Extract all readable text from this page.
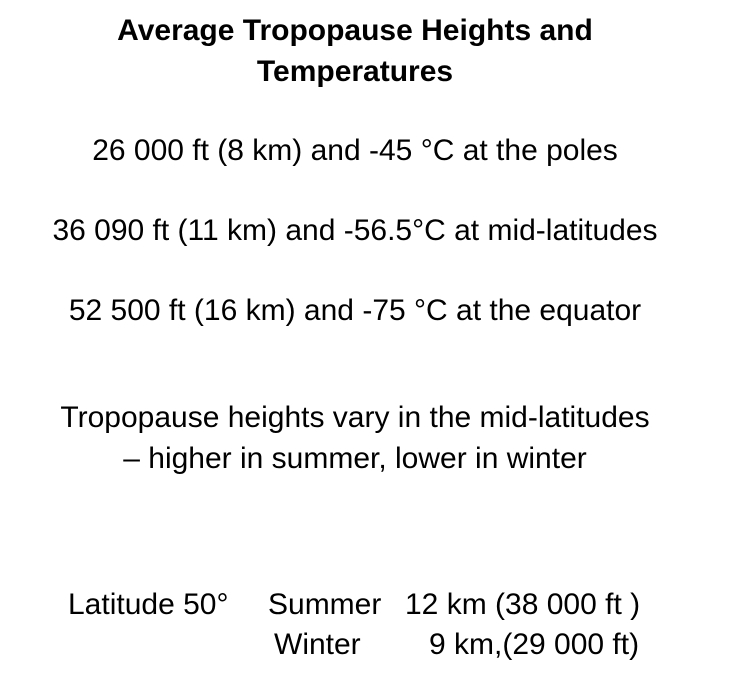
Average Tropopause Heights and
Temperatures
26 000 ft (8 km) and -45 °C at the poles
36 090 ft (11 km) and -56.5°C at mid-latitudes
52 500 ft (16 km) and -75 °C at the equator
Tropopause heights vary in the mid-latitudes
– higher in summer, lower in winter
Latitude 50° Summer 12 km (38 000 ft )
Winter 9 km,(29 000 ft)
